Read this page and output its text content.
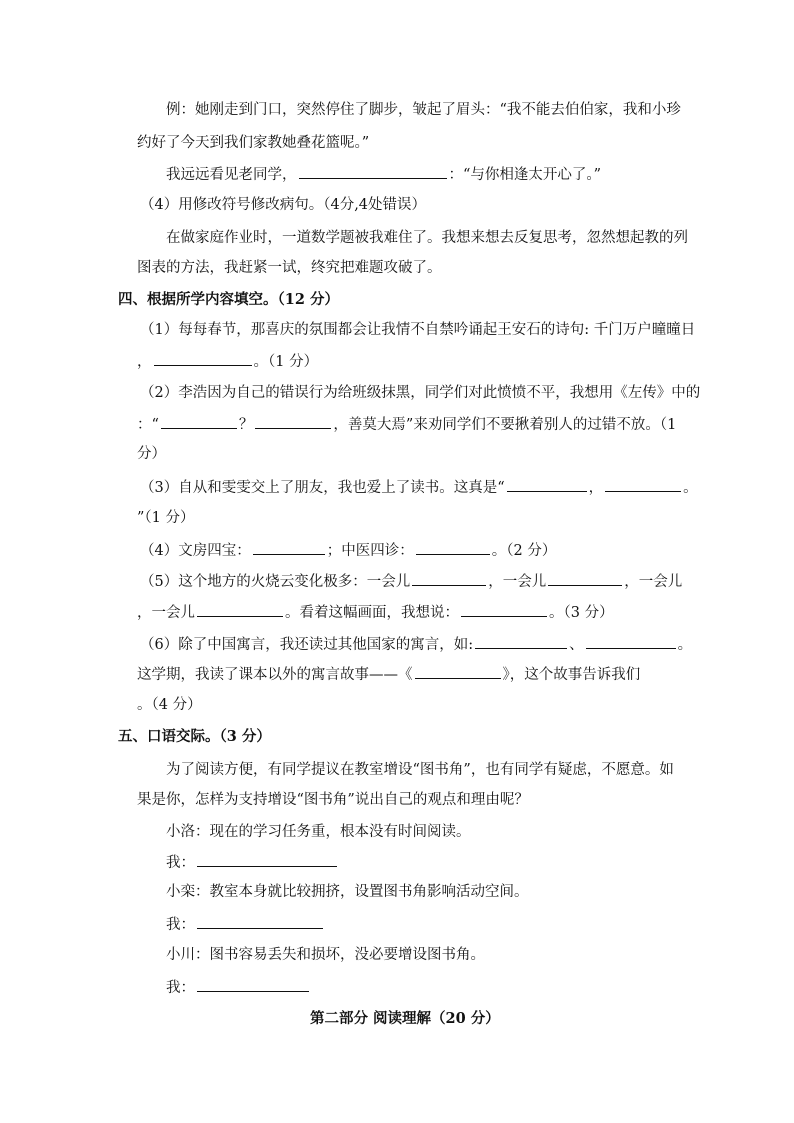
例：她刚走到门口，突然停住了脚步，皱起了眉头：“我不能去伯伯家，我和小珍
约好了今天到我们家教她叠花篮呢。”
我远远看见老同学，	：“与你相逢太开心了。”
（4）用修改符号修改病句。（4分,4处错误）
在做家庭作业时，一道数学题被我难住了。我想来想去反复思考，忽然想起教的列
图表的方法，我赶紧一试，终究把难题攻破了。
四、根据所学内容填空。（12 分）
（1）每每春节，那喜庆的氛围都会让我情不自禁吟诵起王安石的诗句: 千门万户曈曈日
，	。（1 分）
（2）李浩因为自己的错误行为给班级抹黑，同学们对此愤愤不平，我想用《左传》中的
：“	？	，善莫大焉”来劝同学们不要揪着别人的过错不放。（1
分）
（3）自从和雯雯交上了朋友，我也爱上了读书。这真是“	，	。
”（1 分）
（4）文房四宝：	；中医四诊：	。（2 分）
（5）这个地方的火烧云变化极多：一会儿	，一会儿	，一会儿
，一会儿	。看着这幅画面，我想说：	。（3 分）
（6）除了中国寓言，我还读过其他国家的寓言，如:	、	。
这学期，我读了课本以外的寓言故事——《	》，这个故事告诉我们
。（4 分）
五、口语交际。（3 分）
为了阅读方便，有同学提议在教室增设“图书角”，也有同学有疑虑，不愿意。如
果是你，怎样为支持增设“图书角”说出自己的观点和理由呢？
小洛：现在的学习任务重，根本没有时间阅读。
我：
小栾：教室本身就比较拥挤，设置图书角影响活动空间。
我：
小川：图书容易丢失和损坏，没必要增设图书角。
我：
第二部分 阅读理解（20 分）
